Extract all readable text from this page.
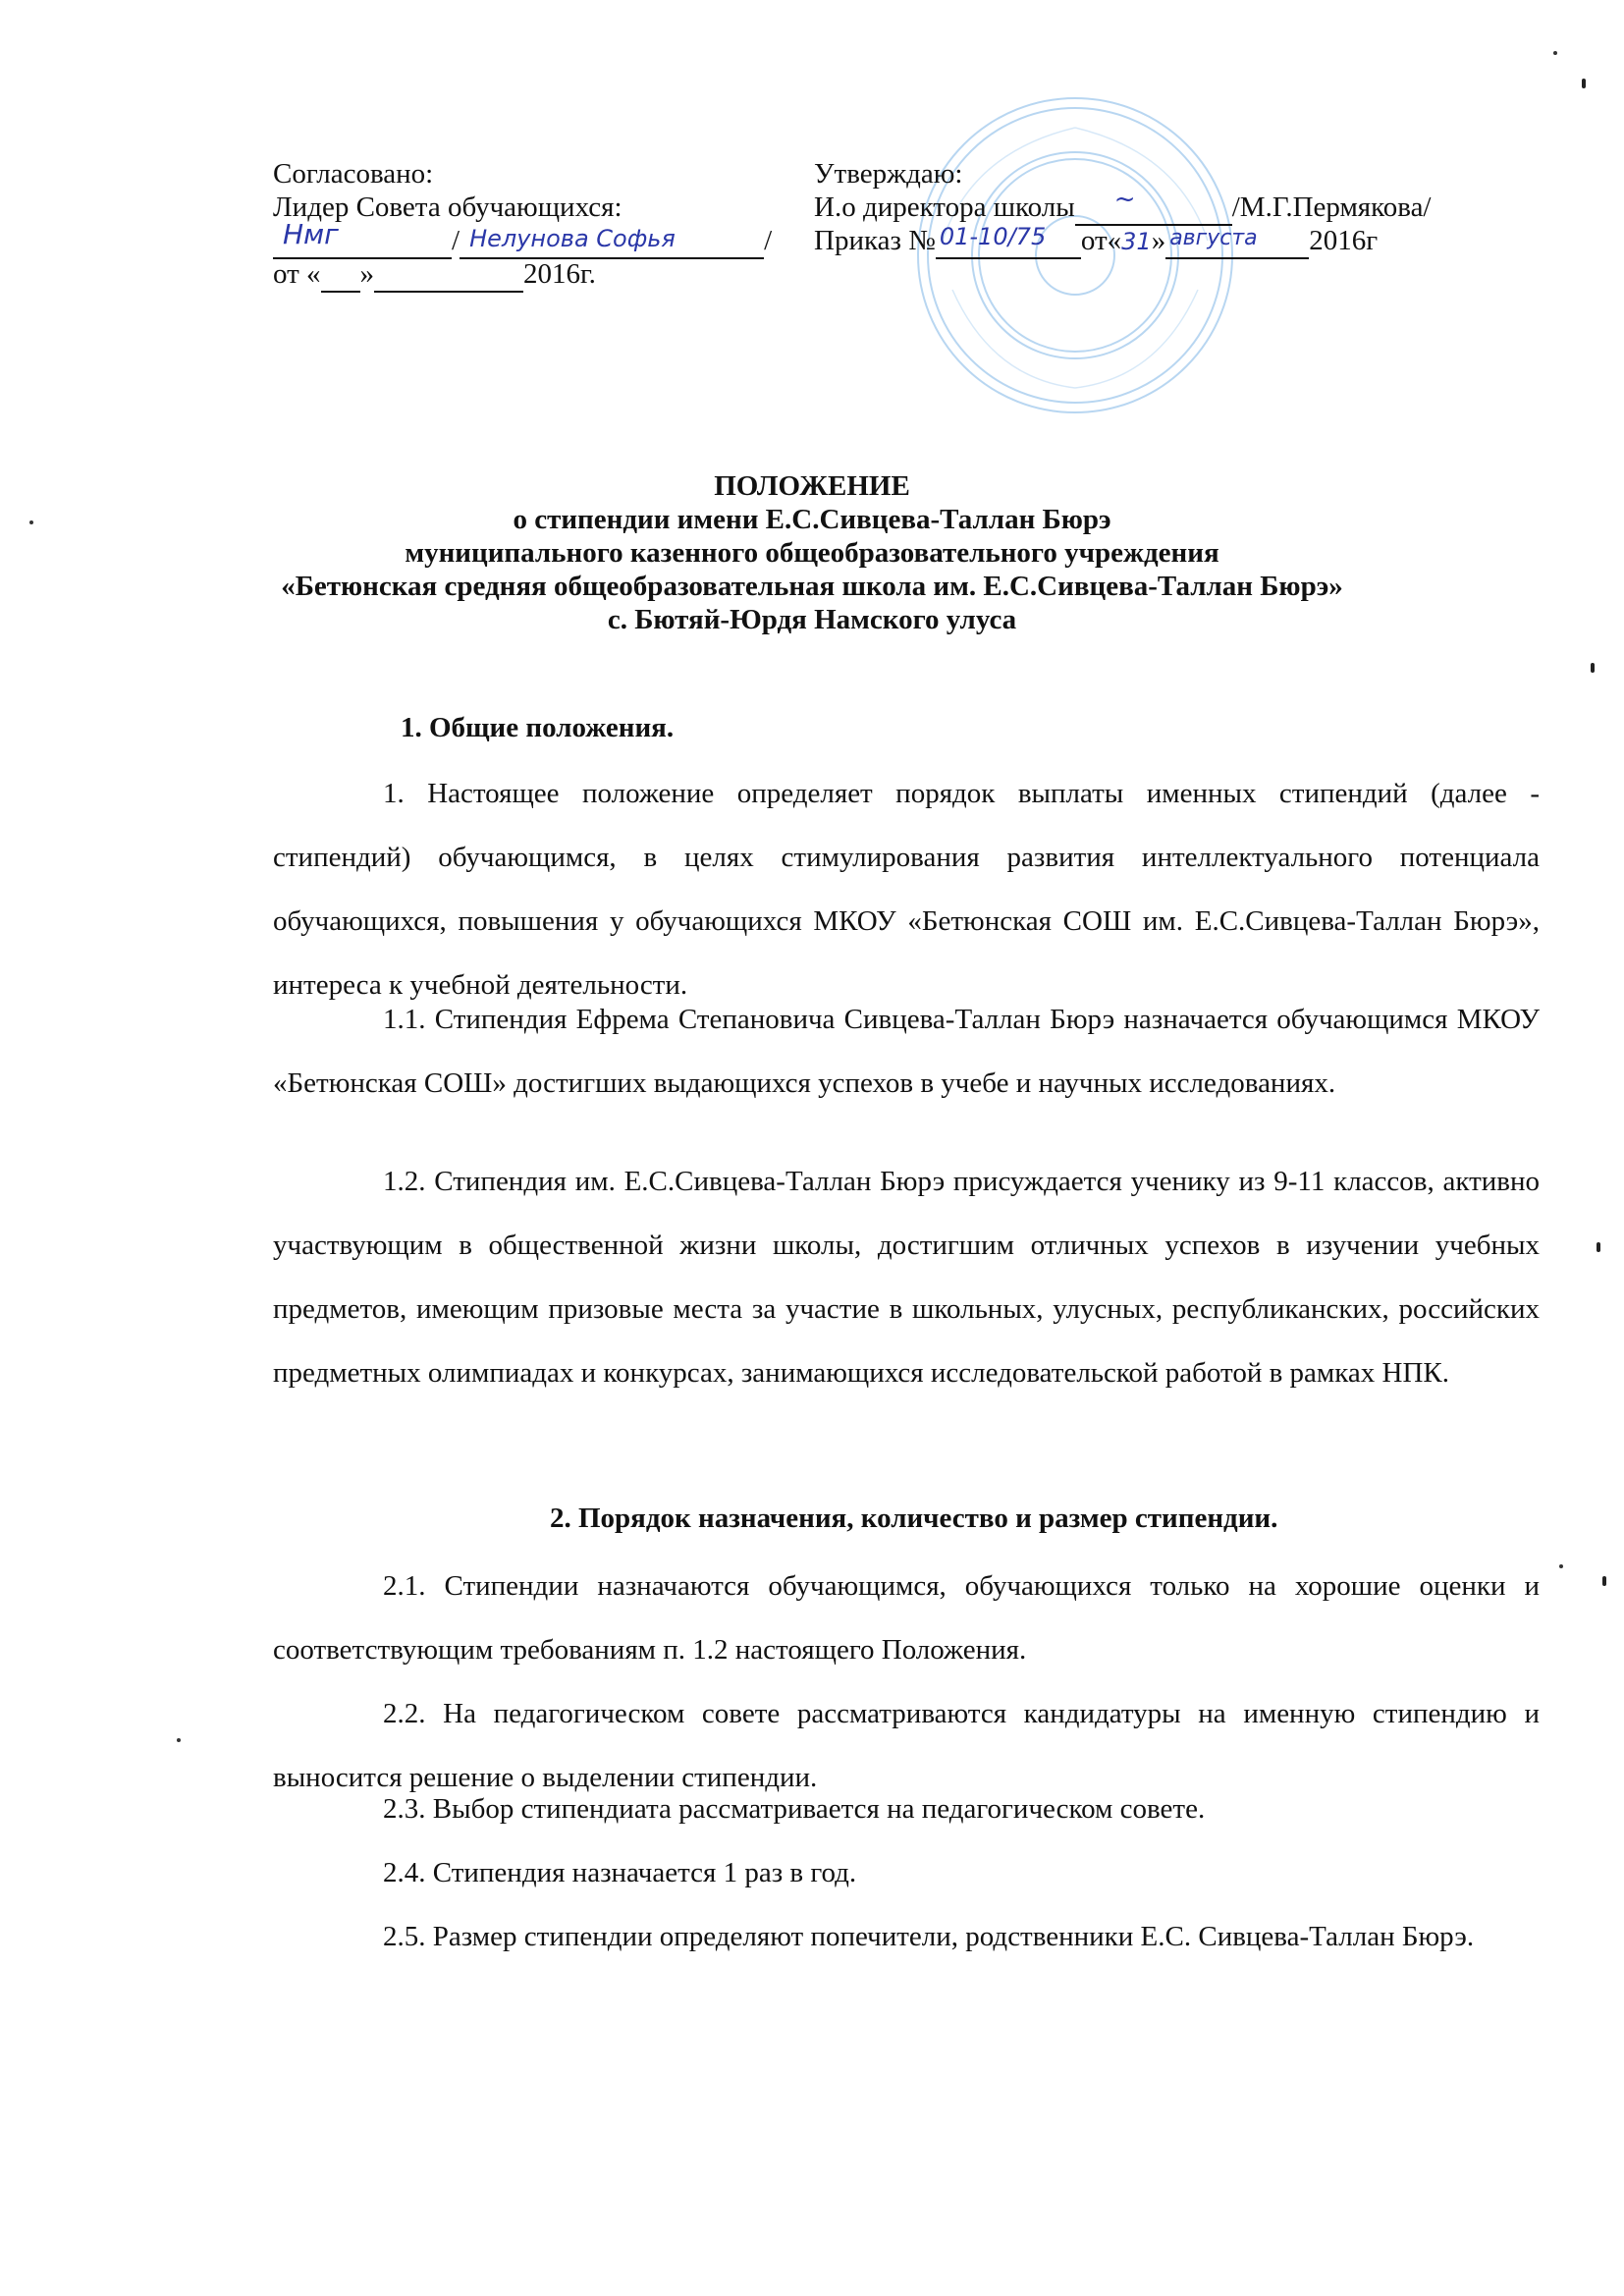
Согласовано:
Лидер Совета обучающихся:
Нмг	/ Нелунова Софья	/
от « »	2016г.
Утверждаю:
И.о директора школы ~	/М.Г.Пермякова/
Приказ № 01-10/75 от«31» августа 2016г
ПОЛОЖЕНИЕ
о стипендии имени Е.С.Сивцева-Таллан Бюрэ
муниципального казенного общеобразовательного учреждения
«Бетюнская средняя общеобразовательная школа им. Е.С.Сивцева-Таллан Бюрэ»
с. Бютяй-Юрдя Намского улуса
1. Общие положения.

1. Настоящее положение определяет порядок выплаты именных стипендий (далее - стипендий) обучающимся, в целях стимулирования развития интеллектуального потенциала обучающихся, повышения у обучающихся МКОУ «Бетюнская СОШ им. Е.С.Сивцева-Таллан Бюрэ», интереса к учебной деятельности.

1.1. Стипендия Ефрема Степановича Сивцева-Таллан Бюрэ назначается обучающимся МКОУ «Бетюнская СОШ» достигших выдающихся успехов в учебе и научных исследованиях.

1.2. Стипендия им. Е.С.Сивцева-Таллан Бюрэ присуждается ученику из 9-11 классов, активно участвующим в общественной жизни школы, достигшим отличных успехов в изучении учебных предметов, имеющим призовые места за участие в школьных, улусных, республиканских, российских предметных олимпиадах и конкурсах, занимающихся исследовательской работой в рамках НПК.

2. Порядок назначения, количество и размер стипендии.

2.1. Стипендии назначаются обучающимся, обучающихся только на хорошие оценки и соответствующим требованиям п. 1.2 настоящего Положения.

2.2. На педагогическом совете рассматриваются кандидатуры на именную стипендию и выносится решение о выделении стипендии.

2.3. Выбор стипендиата рассматривается на педагогическом совете.

2.4. Стипендия назначается 1 раз в год.

2.5. Размер стипендии определяют попечители, родственники Е.С. Сивцева-Таллан Бюрэ.
